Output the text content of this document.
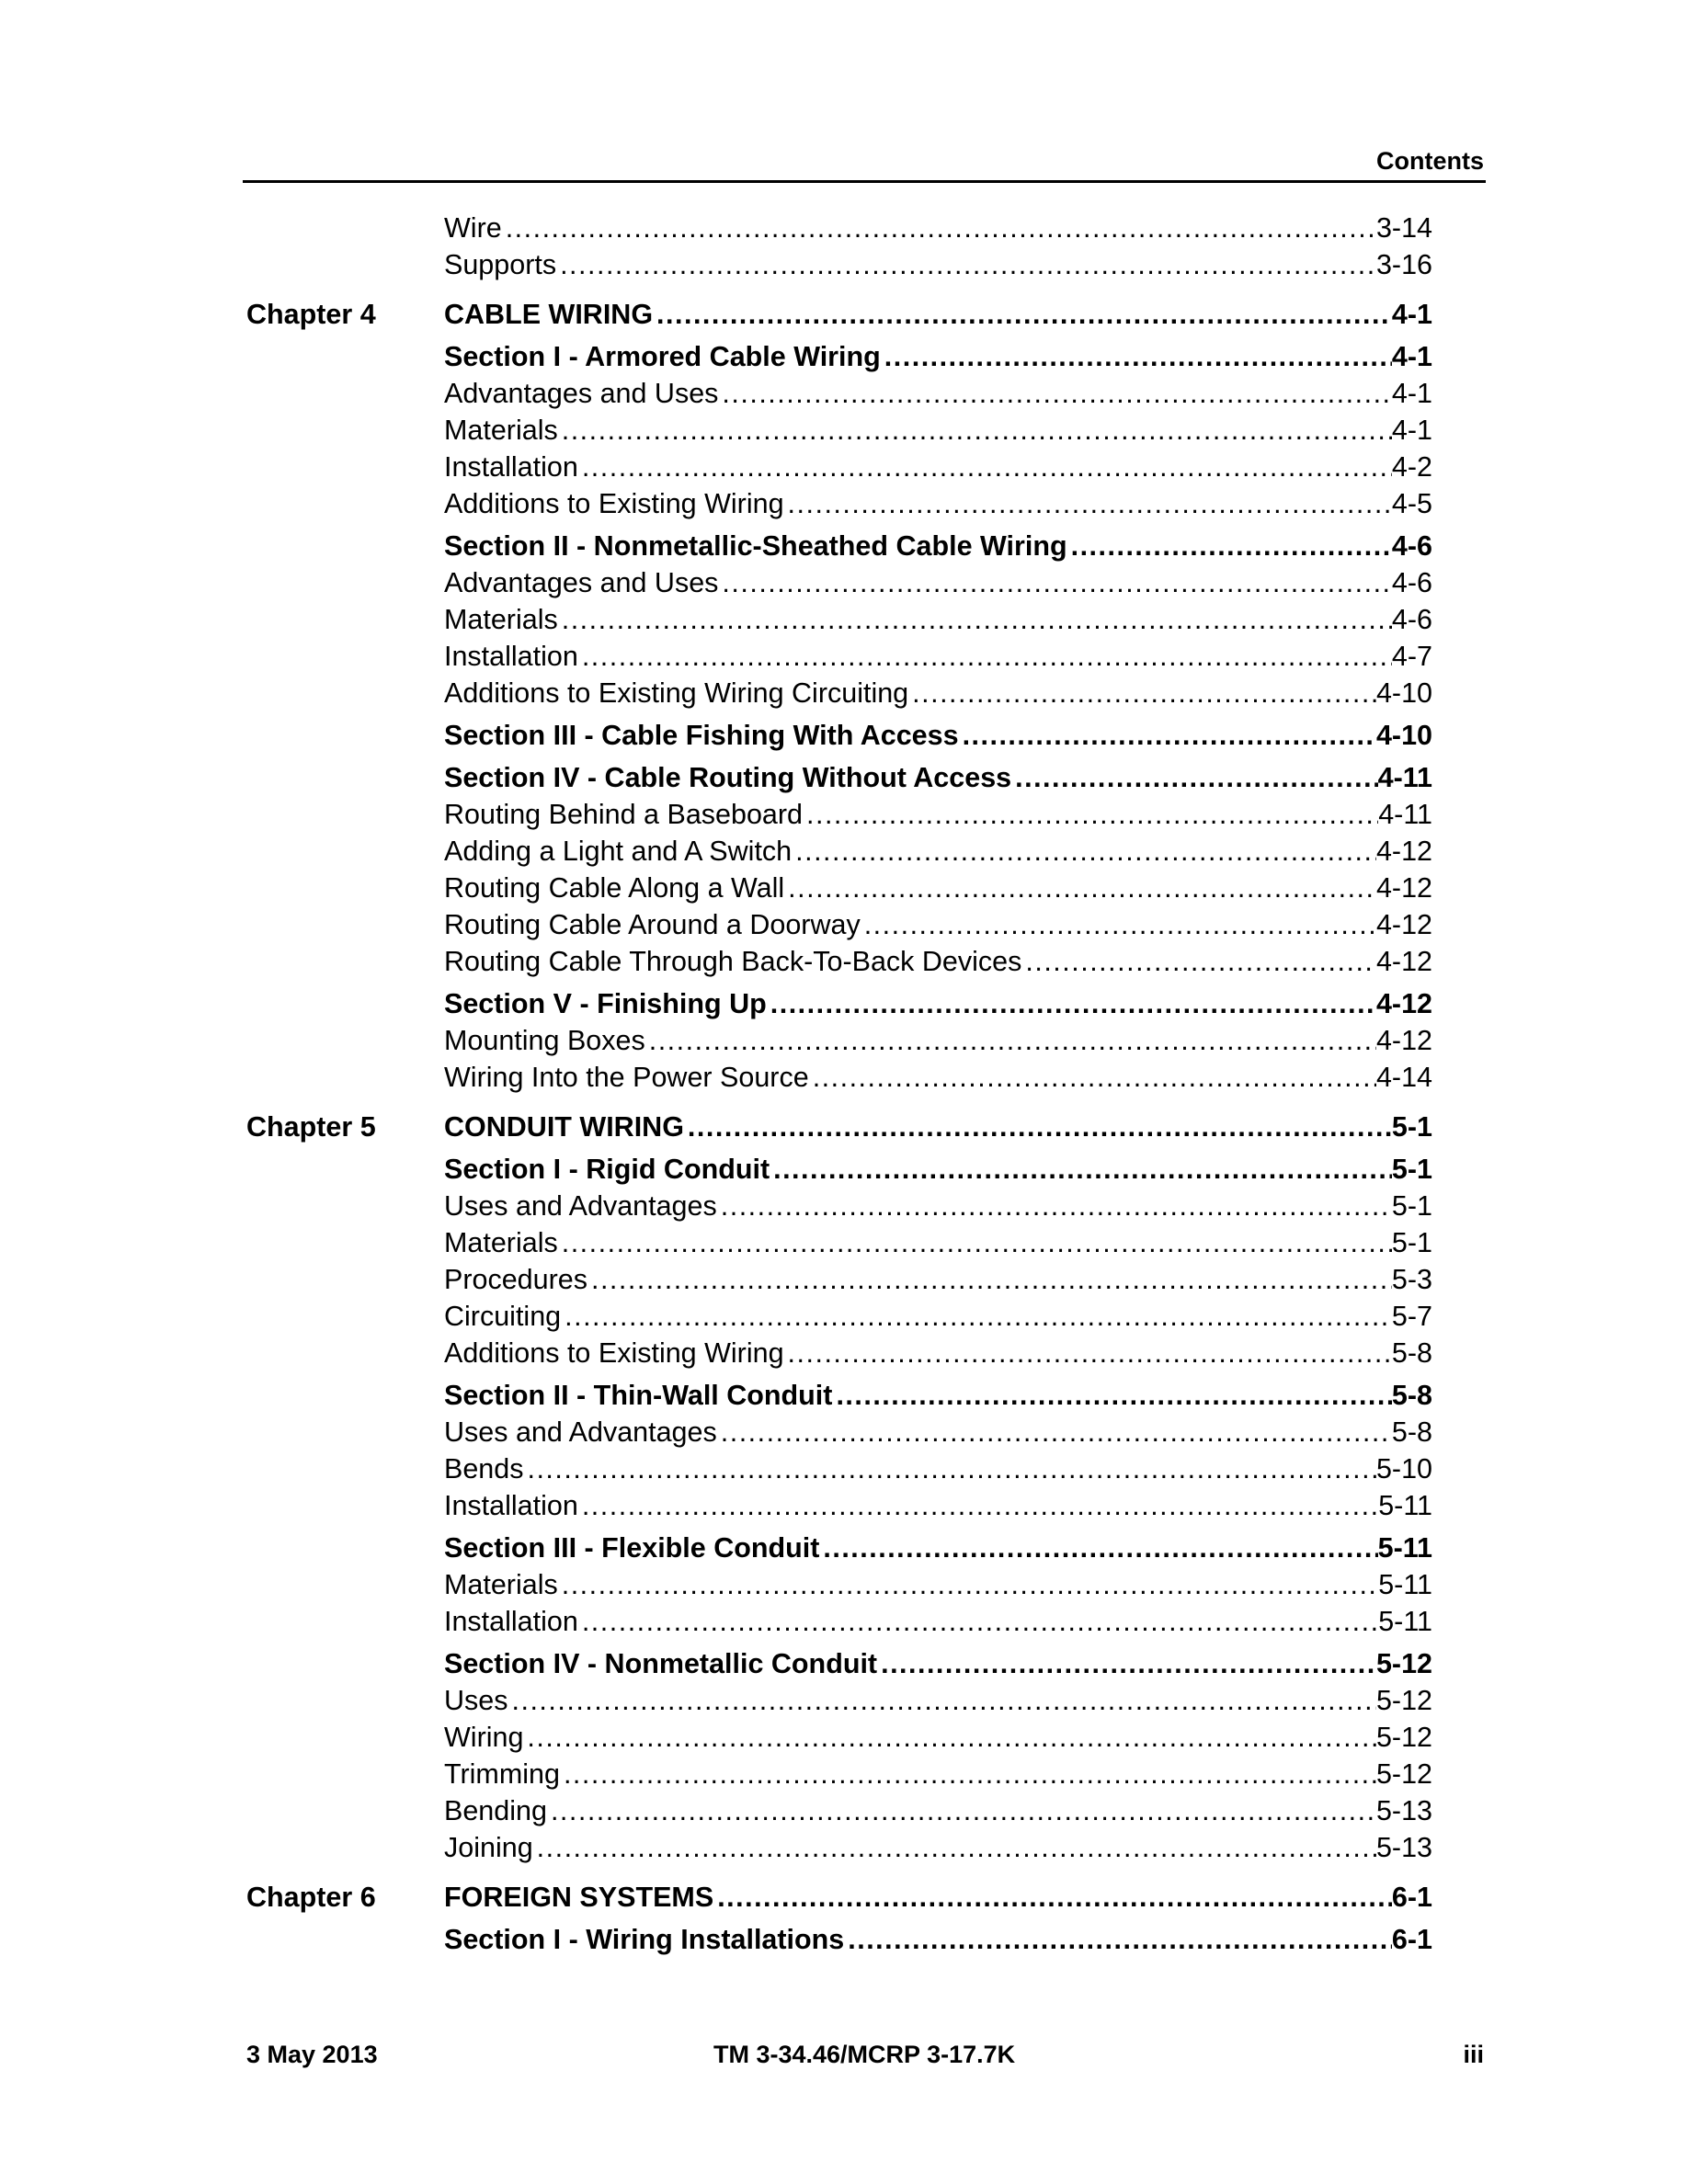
Contents
Wire .....	3-14
Supports .....	3-16
Chapter 4 CABLE WIRING .....	4-1
Section I - Armored Cable Wiring .....	4-1
Advantages and Uses .....	4-1
Materials .....	4-1
Installation .....	4-2
Additions to Existing Wiring .....	4-5
Section II - Nonmetallic-Sheathed Cable Wiring .....	4-6
Advantages and Uses .....	4-6
Materials .....	4-6
Installation .....	4-7
Additions to Existing Wiring Circuiting .....	4-10
Section III - Cable Fishing With Access .....	4-10
Section IV - Cable Routing Without Access .....	4-11
Routing Behind a Baseboard .....	4-11
Adding a Light and A Switch .....	4-12
Routing Cable Along a Wall .....	4-12
Routing Cable Around a Doorway .....	4-12
Routing Cable Through Back-To-Back Devices .....	4-12
Section V - Finishing Up .....	4-12
Mounting Boxes .....	4-12
Wiring Into the Power Source .....	4-14
Chapter 5 CONDUIT WIRING .....	5-1
Section I - Rigid Conduit .....	5-1
Uses and Advantages .....	5-1
Materials .....	5-1
Procedures .....	5-3
Circuiting .....	5-7
Additions to Existing Wiring .....	5-8
Section II - Thin-Wall Conduit .....	5-8
Uses and Advantages .....	5-8
Bends .....	5-10
Installation .....	5-11
Section III - Flexible Conduit .....	5-11
Materials .....	5-11
Installation .....	5-11
Section IV - Nonmetallic Conduit .....	5-12
Uses .....	5-12
Wiring .....	5-12
Trimming .....	5-12
Bending .....	5-13
Joining .....	5-13
Chapter 6 FOREIGN SYSTEMS .....	6-1
Section I - Wiring Installations .....	6-1
3 May 2013	TM 3-34.46/MCRP 3-17.7K	iii
